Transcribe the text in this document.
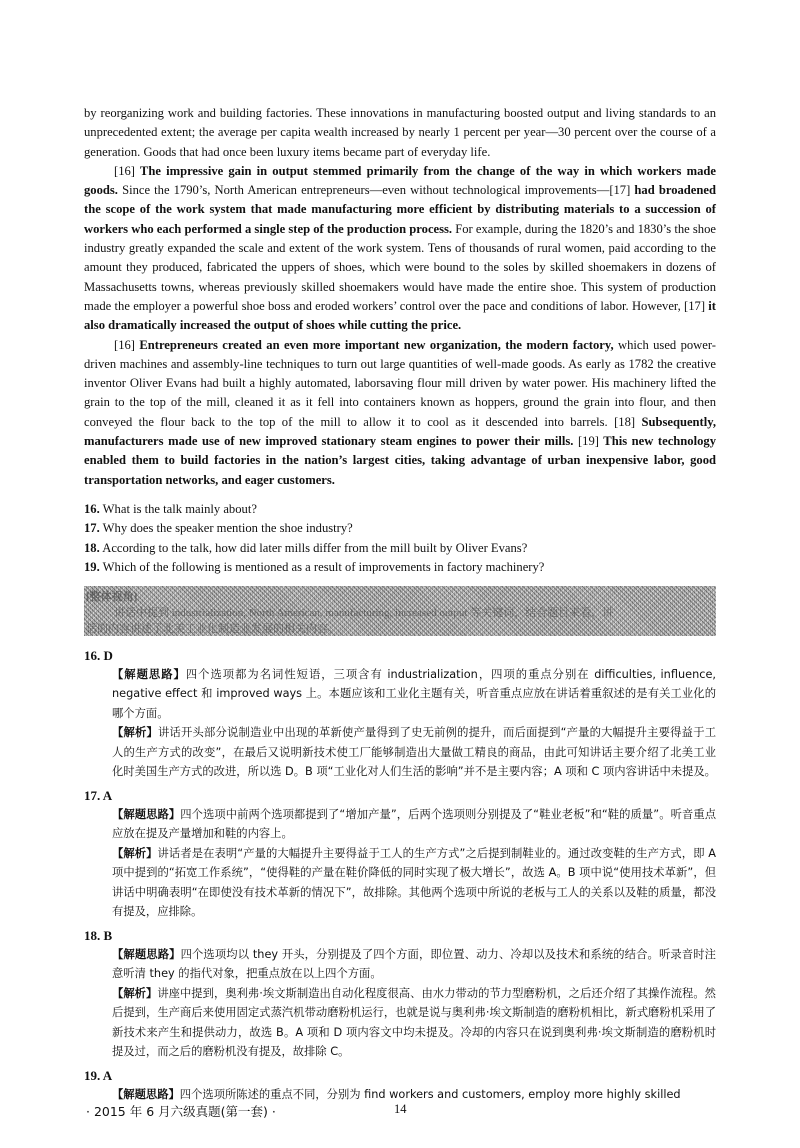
by reorganizing work and building factories. These innovations in manufacturing boosted output and living standards to an unprecedented extent; the average per capita wealth increased by nearly 1 percent per year—30 percent over the course of a generation. Goods that had once been luxury items became part of everyday life.

[16] The impressive gain in output stemmed primarily from the change of the way in which workers made goods. Since the 1790’s, North American entrepreneurs—even without technological improvements—[17] had broadened the scope of the work system that made manufacturing more efficient by distributing materials to a succession of workers who each performed a single step of the production process. For example, during the 1820’s and 1830’s the shoe industry greatly expanded the scale and extent of the work system. Tens of thousands of rural women, paid according to the amount they produced, fabricated the uppers of shoes, which were bound to the soles by skilled shoemakers in dozens of Massachusetts towns, whereas previously skilled shoemakers would have made the entire shoe. This system of production made the employer a powerful shoe boss and eroded workers’ control over the pace and conditions of labor. However, [17] it also dramatically increased the output of shoes while cutting the price.

[16] Entrepreneurs created an even more important new organization, the modern factory, which used power-driven machines and assembly-line techniques to turn out large quantities of well-made goods. As early as 1782 the creative inventor Oliver Evans had built a highly automated, laborsaving flour mill driven by water power. His machinery lifted the grain to the top of the mill, cleaned it as it fell into containers known as hoppers, ground the grain into flour, and then conveyed the flour back to the top of the mill to allow it to cool as it descended into barrels. [18] Subsequently, manufacturers made use of new improved stationary steam engines to power their mills. [19] This new technology enabled them to build factories in the nation’s largest cities, taking advantage of urban inexpensive labor, good transportation networks, and eager customers.

16. What is the talk mainly about?

17. Why does the speaker mention the shoe industry?

18. According to the talk, how did later mills differ from the mill built by Oliver Evans?

19. Which of the following is mentioned as a result of improvements in factory machinery?

[整体视角]
讲话中提到 industrialization, North American, manufacturing, increased output 等关键词，结合题目来看，讲
话的内容讲述了北美工业化制造业发展的相关内容。

16. D

【解题思路】四个选项都为名词性短语，三项含有 industrialization，四项的重点分别在 difficulties, influence, negative effect 和 improved ways 上。本题应该和工业化主题有关，听音重点应放在讲话着重叙述的是有关工业化的哪个方面。

【解析】讲话开头部分说制造业中出现的革新使产量得到了史无前例的提升，而后面提到“产量的大幅提升主要得益于工人的生产方式的改变”，在最后又说明新技术使工厂能够制造出大量做工精良的商品，由此可知讲话主要介绍了北美工业化时美国生产方式的改进，所以选 D。B 项“工业化对人们生活的影响”并不是主要内容；A 项和 C 项内容讲话中未提及。

17. A

【解题思路】四个选项中前两个选项都提到了“增加产量”，后两个选项则分别提及了“鞋业老板”和“鞋的质量”。听音重点应放在提及产量增加和鞋的内容上。

【解析】讲话者是在表明“产量的大幅提升主要得益于工人的生产方式”之后提到制鞋业的。通过改变鞋的生产方式，即 A 项中提到的“拓宽工作系统”，“使得鞋的产量在鞋价降低的同时实现了极大增长”，故选 A。B 项中说“使用技术革新”，但讲话中明确表明“在即使没有技术革新的情况下”，故排除。其他两个选项中所说的老板与工人的关系以及鞋的质量，都没有提及，应排除。

18. B

【解题思路】四个选项均以 they 开头，分别提及了四个方面，即位置、动力、冷却以及技术和系统的结合。听录音时注意听清 they 的指代对象，把重点放在以上四个方面。

【解析】讲座中提到，奥利弗·埃文斯制造出自动化程度很高、由水力带动的节力型磨粉机，之后还介绍了其操作流程。然后提到，生产商后来使用固定式蒸汽机带动磨粉机运行，也就是说与奥利弗·埃文斯制造的磨粉机相比，新式磨粉机采用了新技术来产生和提供动力，故选 B。A 项和 D 项内容文中均未提及。冷却的内容只在说到奥利弗·埃文斯制造的磨粉机时提及过，而之后的磨粉机没有提及，故排除 C。

19. A

【解题思路】四个选项所陈述的重点不同，分别为 find workers and customers, employ more highly skilled

· 2015 年 6 月六级真题(第一套) ·	14
